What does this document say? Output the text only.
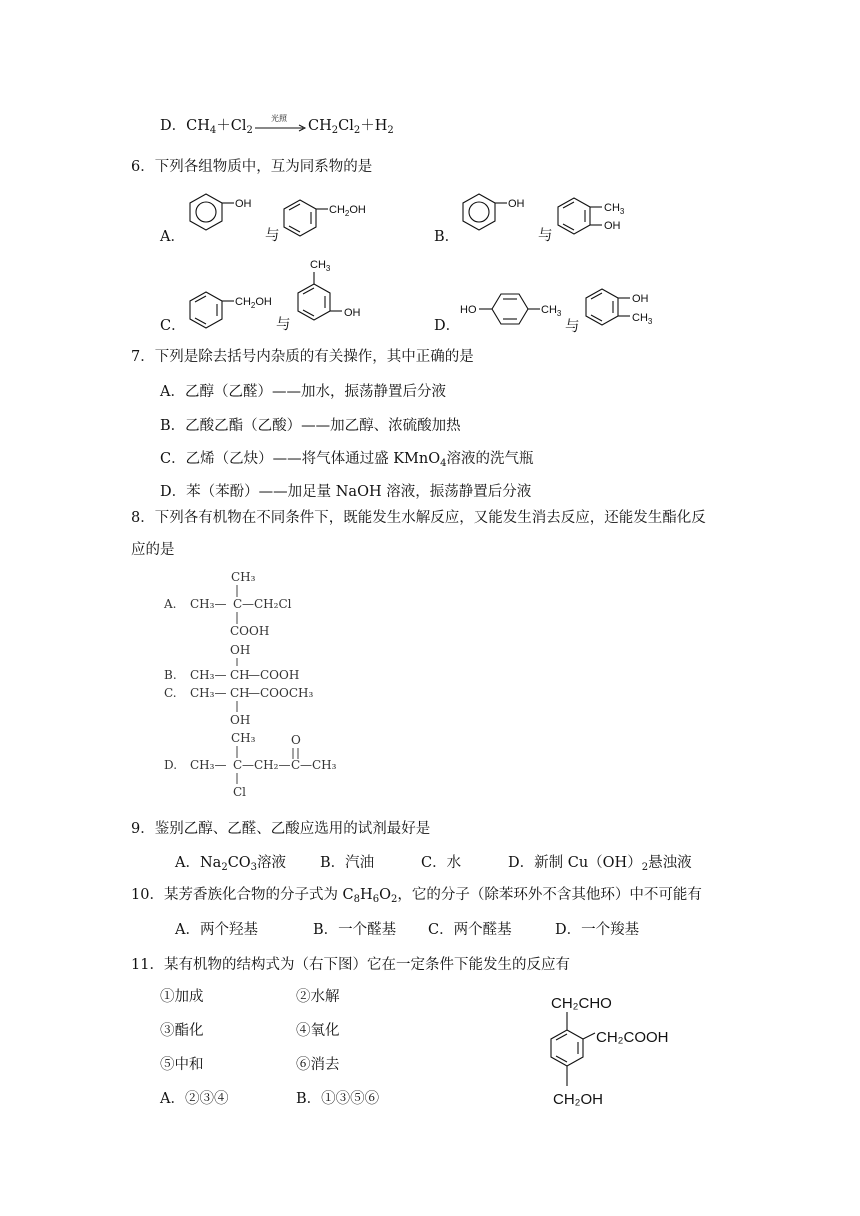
D．$CH_4+Cl_2$
光照 → $CH_2Cl_2+H_2$
6．下列各组物质中，互为同系物的是
A．
OH
与
$CH_2OH$
B．
OH
与
$CH_3$
OH
C．
$CH_2OH$
与
$CH_3$
OH
D．
HO	$CH_3$
与
OH
$CH_3$
7．下列是除去括号内杂质的有关操作，其中正确的是
A．乙醇（乙醛）——加水，振荡静置后分液
B．乙酸乙酯（乙酸）——加乙醇、浓硫酸加热
C．乙烯（乙炔）——将气体通过盛 KMnO$_4$溶液的洗气瓶
D．苯（苯酚）——加足量 NaOH 溶液，振荡静置后分液
8．下列各有机物在不同条件下，既能发生水解反应，又能发生消去反应，还能发生酯化反
应的是
A.
CH₃
CH₃— C —CH₂Cl
COOH
OH
B. CH₃— CH
—COOH
C. CH₃— CH
—COOCH₃
OH
CH₃
D. CH₃— C —CH₂— C —CH₃
O
Cl
9．鉴别乙醇、乙醛、乙酸应选用的试剂最好是
A．$Na_2CO_3$溶液 B．汽油	C．水	D．新制 $Cu(OH)_2$悬浊液
10．某芳香族化合物的分子式为 $C_8H_6O_2$，它的分子（除苯环外不含其他环）中不可能有
A．两个羟基	B．一个醛基 C．两个醛基	D．一个羧基
11．某有机物的结构式为（右下图）它在一定条件下能发生的反应有
①加成	②水解
③酯化	④氧化
⑤中和	⑥消去
A．②③④	B．①③⑤⑥
CH₂CHO
CH₂COOH
CH₂OH
